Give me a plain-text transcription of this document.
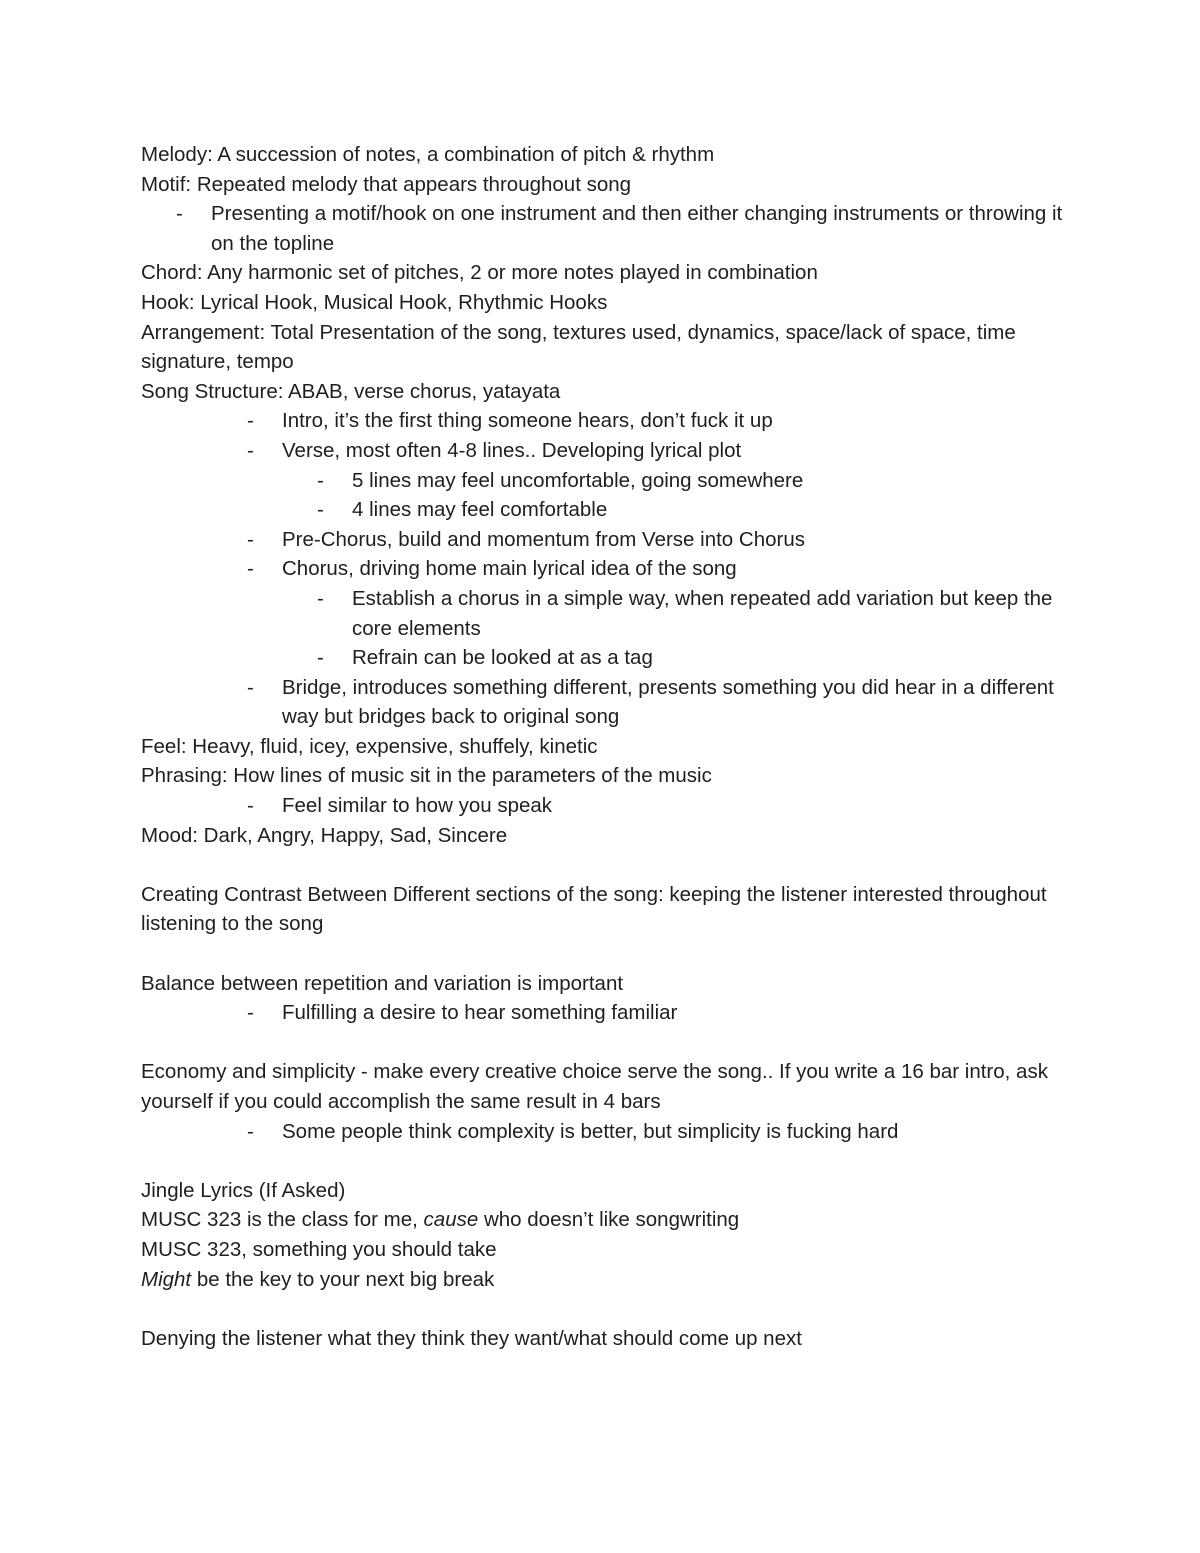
Melody: A succession of notes, a combination of pitch & rhythm
Motif: Repeated melody that appears throughout song
- Presenting a motif/hook on one instrument and then either changing instruments or throwing it on the topline
Chord: Any harmonic set of pitches, 2 or more notes played in combination
Hook: Lyrical Hook, Musical Hook, Rhythmic Hooks
Arrangement: Total Presentation of the song, textures used, dynamics, space/lack of space, time signature, tempo
Song Structure: ABAB, verse chorus, yatayata
- Intro, it’s the first thing someone hears, don’t fuck it up
- Verse, most often 4-8 lines.. Developing lyrical plot
- 5 lines may feel uncomfortable, going somewhere
- 4 lines may feel comfortable
- Pre-Chorus, build and momentum from Verse into Chorus
- Chorus, driving home main lyrical idea of the song
- Establish a chorus in a simple way, when repeated add variation but keep the core elements
- Refrain can be looked at as a tag
- Bridge, introduces something different, presents something you did hear in a different way but bridges back to original song
Feel: Heavy, fluid, icey, expensive, shuffely, kinetic
Phrasing: How lines of music sit in the parameters of the music
- Feel similar to how you speak
Mood: Dark, Angry, Happy, Sad, Sincere
Creating Contrast Between Different sections of the song: keeping the listener interested throughout listening to the song
Balance between repetition and variation is important
- Fulfilling a desire to hear something familiar
Economy and simplicity - make every creative choice serve the song.. If you write a 16 bar intro, ask yourself if you could accomplish the same result in 4 bars
- Some people think complexity is better, but simplicity is fucking hard
Jingle Lyrics (If Asked)
MUSC 323 is the class for me, cause who doesn’t like songwriting
MUSC 323, something you should take
Might be the key to your next big break
Denying the listener what they think they want/what should come up next
